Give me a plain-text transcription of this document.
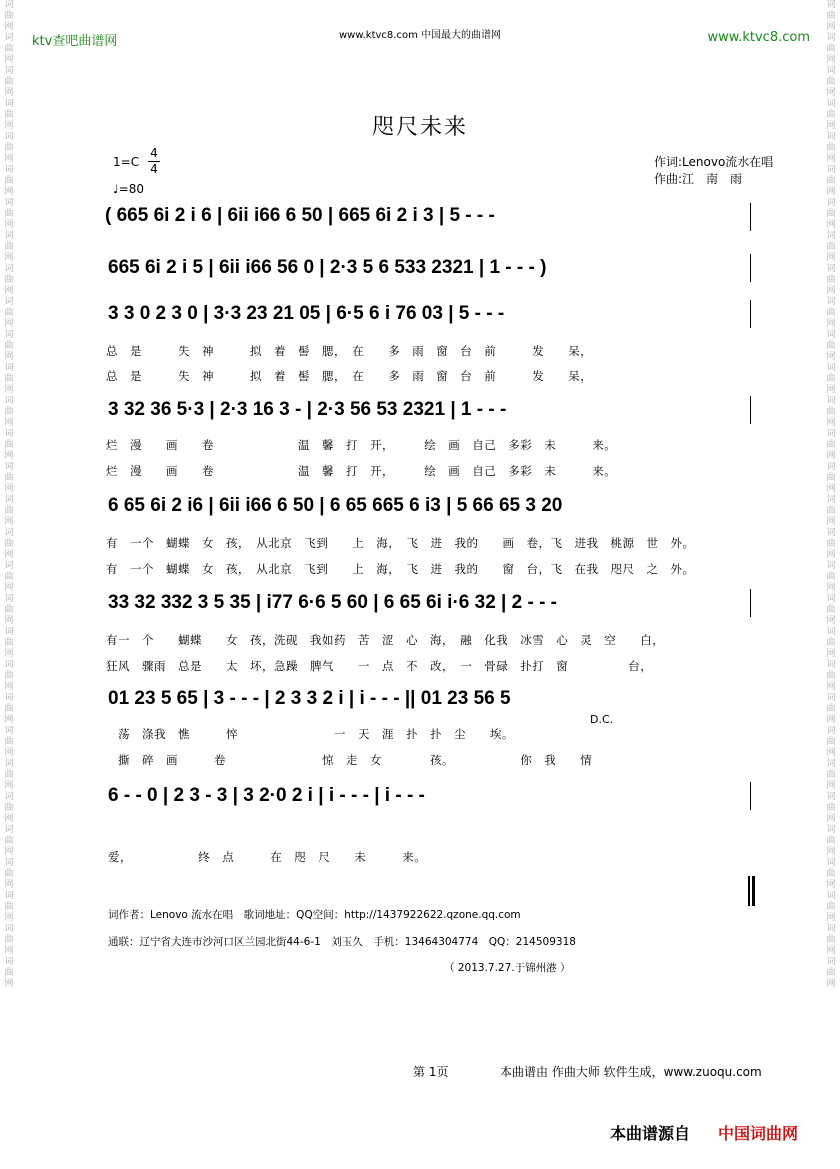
词
曲
网
词
曲
网
词
曲
网
词
曲
网
词
曲
网
词
曲
网
词
曲
网
词
曲
网
词
曲
网
词
曲
网
词
曲
网
词
曲
网
词
曲
网
词
曲
网
词
曲
网
词
曲
网
词
曲
网
词
曲
网
词
曲
网
词
曲
网
词
曲
网
词
曲
网
词
曲
网
词
曲
网
词
曲
网
词
曲
网
词
曲
网
词
曲
网
词
曲
网
词
曲
网
词
曲
网
词
曲
网
词
曲
网
词
曲
网
词
曲
网
词
曲
网
词
曲
网
词
曲
网
词
曲
网
词
曲
网
词
曲
网
词
曲
网
词
曲
网
词
曲
网
词
曲
网
词
曲
网
词
曲
网
词
曲
网
词
曲
网
词
曲
网
词
曲
网
词
曲
网
词
曲
网
词
曲
网
词
曲
网
词
曲
网
词
曲
网
词
曲
网
词
曲
网
词
曲
网
ktv查吧曲谱网	www.ktvc8.com 中国最大的曲谱网	www.ktvc8.com
咫尺未来
$1=C \frac{4}{4}$
♩=80
作词:Lenovo流水在唱
作曲:江　南　雨
( 665 6i 2 i 6 | 6ii i66 6 50 | 665 6i 2 i 3 | 5 - - -
665 6i 2 i 5 | 6ii i66 56 0 | 2·3 5 6 533 2321 | 1 - - - )
3 3 0 2 3 0 | 3·3 23 21 05 | 6·5 6 i 76 03 | 5 - - -
总　是　　　失　神　　　拟　着　髻　腮，　在　　多　雨　窗　台　前　　　发　　呆，
总　是　　　失　神　　　拟　着　髻　腮，　在　　多　雨　窗　台　前　　　发　　呆，
3 32 36 5·3 | 2·3 16 3 - | 2·3 56 53 2321 | 1 - - -
烂　漫　　画　　卷　　　　　　　温　馨　打　开，　　　绘　画　自己　多彩　未　　　来。
烂　漫　　画　　卷　　　　　　　温　馨　打　开，　　　绘　画　自己　多彩　未　　　来。
6 65 6i 2 i6 | 6ii i66 6 50 | 6 65 665 6 i3 | 5 66 65 3 20
有　一个　蝴蝶　女　孩，　从北京　飞到　　上　海，　飞　进　我的　　画　卷，飞　进我　桃源　世　外。
有　一个　蝴蝶　女　孩，　从北京　飞到　　上　海，　飞　进　我的　　窗　台，飞　在我　咫尺　之　外。
33 32 332 3 5 35 | i77 6·6 5 60 | 6 65 6i i·6 32 | 2 - - -
有一　个　　蝴蝶　　女　孩，洗砚　我如药　苦　涩　心　海，　融　化我　冰雪　心　灵　空　　白，
狂风　骤雨　总是　　太　坏，急躁　脾气　　一　点　不　改，　一　骨碌　扑打　窗　　　　　台，
01 23 5 65 | 3 - - - | 2 3 3 2 i | i - - - || 01 23 56 5
D.C.
荡　涤我　憔　　　悴　　　　　　　　一　天　涯　扑　扑　尘　　埃。
撕　碎　画　　　卷　　　　　　　　惊　走　女　　　　孩。　　　　　　你　我　　情
6 - - 0 | 2 3 - 3 | 3 2·0 2 i | i - - - | i - - -
爱，　　　　　　终　点　　　在　咫　尺　　未　　　来。
词作者：Lenovo 流水在唱　歌词地址：QQ空间：http://1437922622.qzone.qq.com
通联：辽宁省大连市沙河口区兰园北街44-6-1　刘玉久　手机：13464304774　QQ：214509318
（ 2013.7.27.于锦州港 ）
第 1页	本曲谱由 作曲大师 软件生成，www.zuoqu.com
本曲谱源自 中国词曲网
